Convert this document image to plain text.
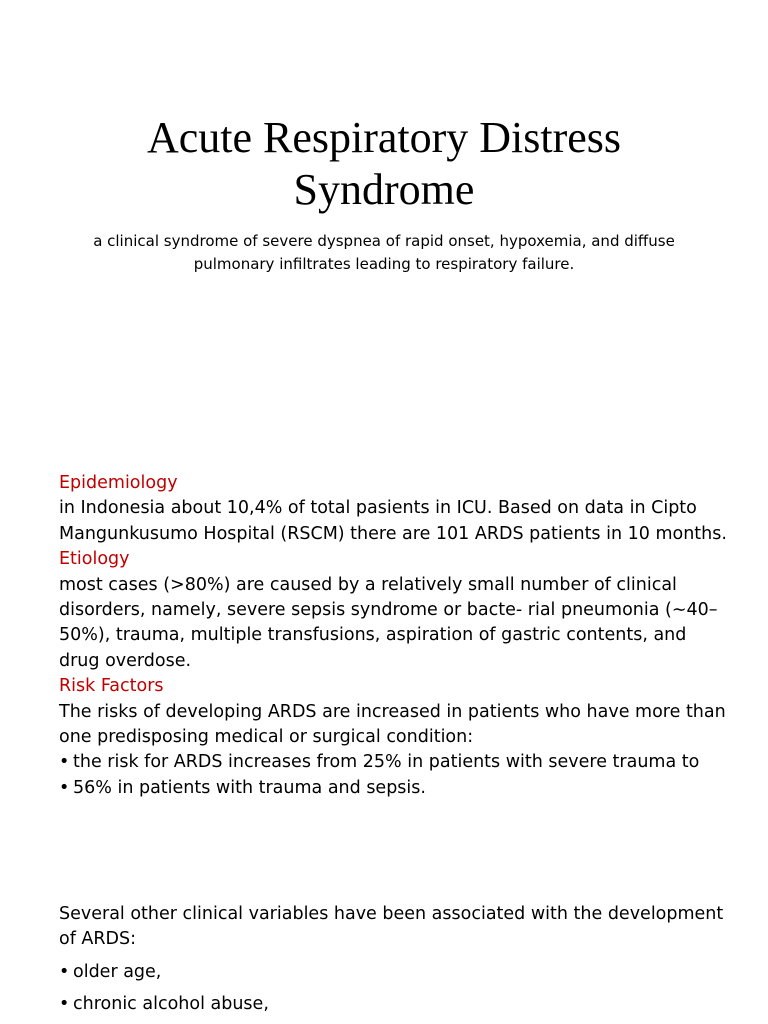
Acute Respiratory Distress Syndrome
a clinical syndrome of severe dyspnea of rapid onset, hypoxemia, and diffuse pulmonary infiltrates leading to respiratory failure.
Epidemiology

in Indonesia about 10,4% of total pasients in ICU. Based on data in Cipto Mangunkusumo Hospital (RSCM) there are 101 ARDS patients in 10 months.

Etiology

most cases (>80%) are caused by a relatively small number of clinical disorders, namely, severe sepsis syndrome or bacte- rial pneumonia (∼40–50%), trauma, multiple transfusions, aspiration of gastric contents, and drug overdose.

Risk Factors

The risks of developing ARDS are increased in patients who have more than one predisposing medical or surgical condition:

• the risk for ARDS increases from 25% in patients with severe trauma to
• 56% in patients with trauma and sepsis.

Several other clinical variables have been associated with the development of ARDS:

• older age,
• chronic alcohol abuse,
